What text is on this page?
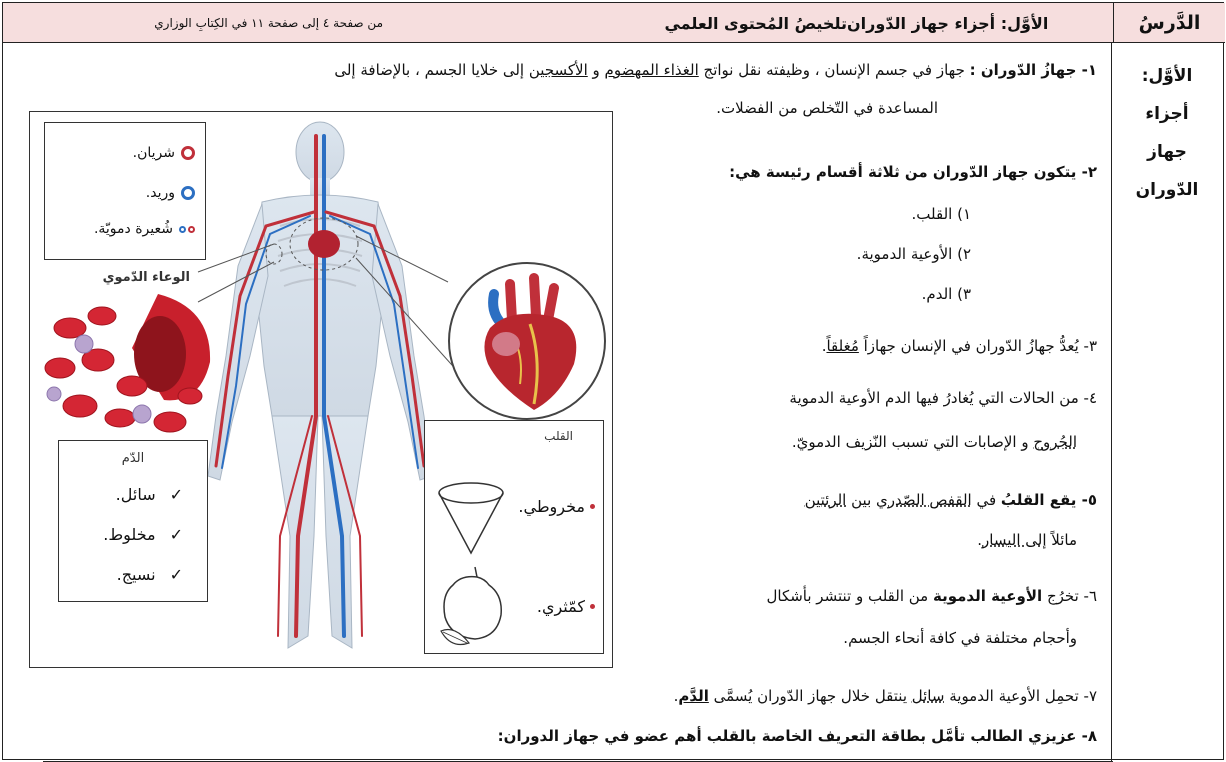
الدَّرسُ
الأوَّل: أجزاء جهاز الدّوران
تلخيصُ المُحتوى العلمي
من صفحة ٤ إلى صفحة ١١ في الكِتابِ الوزاري
الأوَّل:
أجزاء
جهاز
الدّوران
١- جهازُ الدّوران : جهاز في جسم الإنسان ، وظيفته نقل نواتج الغذاء المهضوم و الأكسجين إلى خلايا الجسم ، بالإضافة إلى
المساعدة في التّخلص من الفضلات.
٢- يتكون جهاز الدّوران من ثلاثة أقسام رئيسة هي:
١) القلب.
٢) الأوعية الدموية.
٣) الدم.
٣- يُعدُّ جهازُ الدّوران في الإنسان جهازاً مُغلقاً.
٤- من الحالات التي يُغادرُ فيها الدم الأوعية الدموية
الجُروح و الإصابات التي تسبب النّزيف الدمويّ.
٥- يقع القلبُ في القفص الصّدري بين الرئتين
مائلاً إلى اليسار.
٦- تخرُج الأوعية الدموية من القلب و تنتشر بأشكال
وأحجام مختلفة في كافة أنحاء الجسم.
٧- تحمِل الأوعية الدموية سائل ينتقل خلال جهاز الدّوران يُسمَّى الدَّم.
٨- عزيزي الطالب تأمَّل بطاقة التعريف الخاصة بالقلب أهم عضو في جهاز الدوران:
شريان.
وريد.
شُعيرة دمويّة.
الوعاء الدّموي
الدّم
✓سائل.
✓مخلوط.
✓نسيج.
القلب
مخروطي.
كمّثري.
